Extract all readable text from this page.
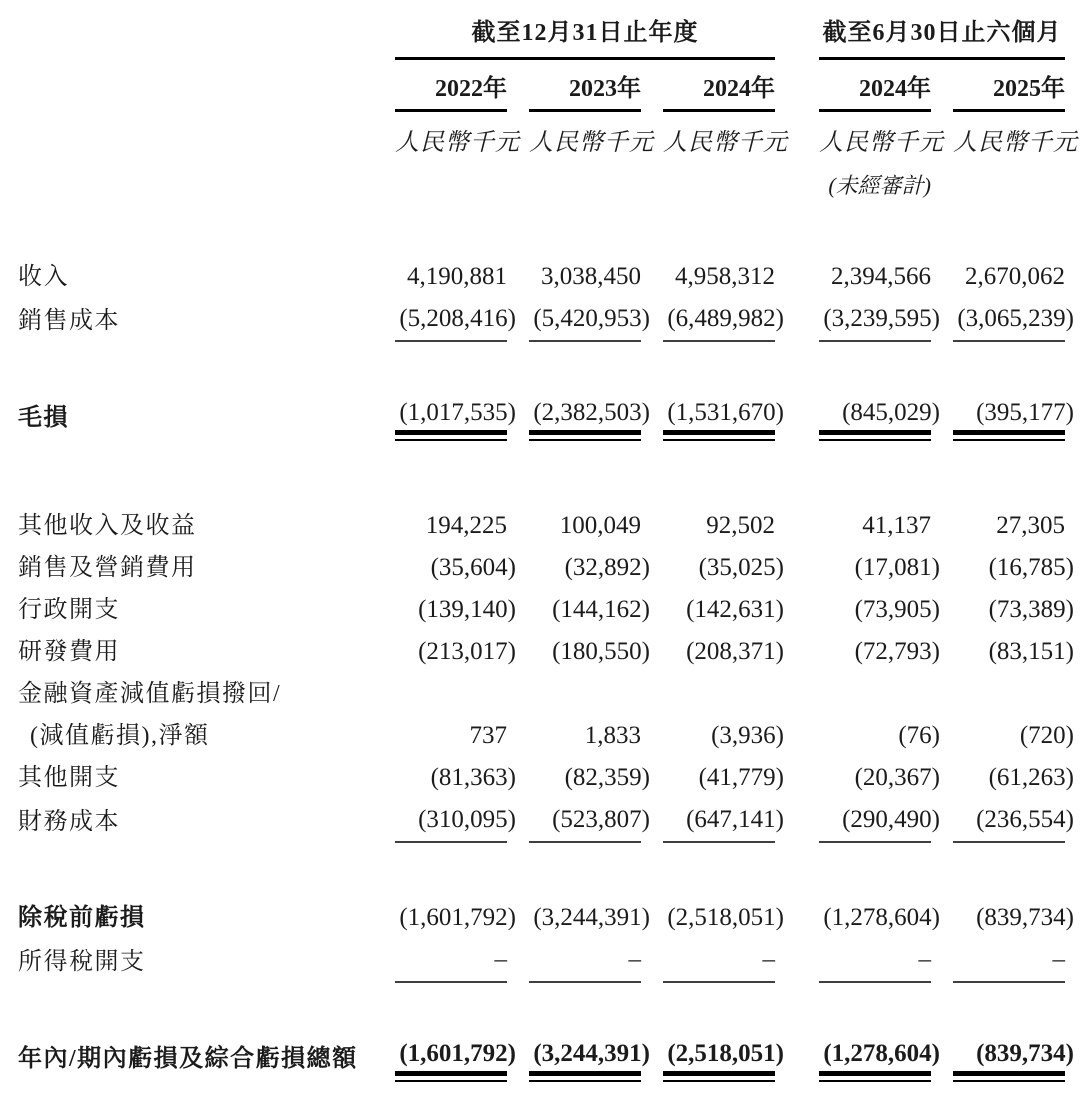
截至12月31日止年度	截至6月30日止六個月
2022年	2023年	2024年	2024年	2025年
人民幣千元 人民幣千元 人民幣千元 人民幣千元 人民幣千元
(未經審計)
收入	4,190,881	3,038,450	4,958,312	2,394,566	2,670,062
銷售成本	(5,208,416) (5,420,953) (6,489,982) (3,239,595) (3,065,239)
毛損	(1,017,535) (2,382,503) (1,531,670)	(845,029)	(395,177)
其他收入及收益	194,225	100,049	92,502	41,137	27,305
銷售及營銷費用	(35,604)	(32,892)	(35,025)	(17,081)	(16,785)
行政開支	(139,140)	(144,162)	(142,631)	(73,905)	(73,389)
研發費用	(213,017)	(180,550)	(208,371)	(72,793)	(83,151)
金融資產減值虧損撥回/
(減值虧損),淨額	737	1,833	(3,936)	(76)	(720)
其他開支	(81,363)	(82,359)	(41,779)	(20,367)	(61,263)
財務成本	(310,095)	(523,807)	(647,141)	(290,490)	(236,554)
除稅前虧損	(1,601,792) (3,244,391) (2,518,051) (1,278,604)	(839,734)
所得稅開支	–	–	–	–	–
年內/期內虧損及綜合虧損總額	(1,601,792) (3,244,391) (2,518,051) (1,278,604)	(839,734)
